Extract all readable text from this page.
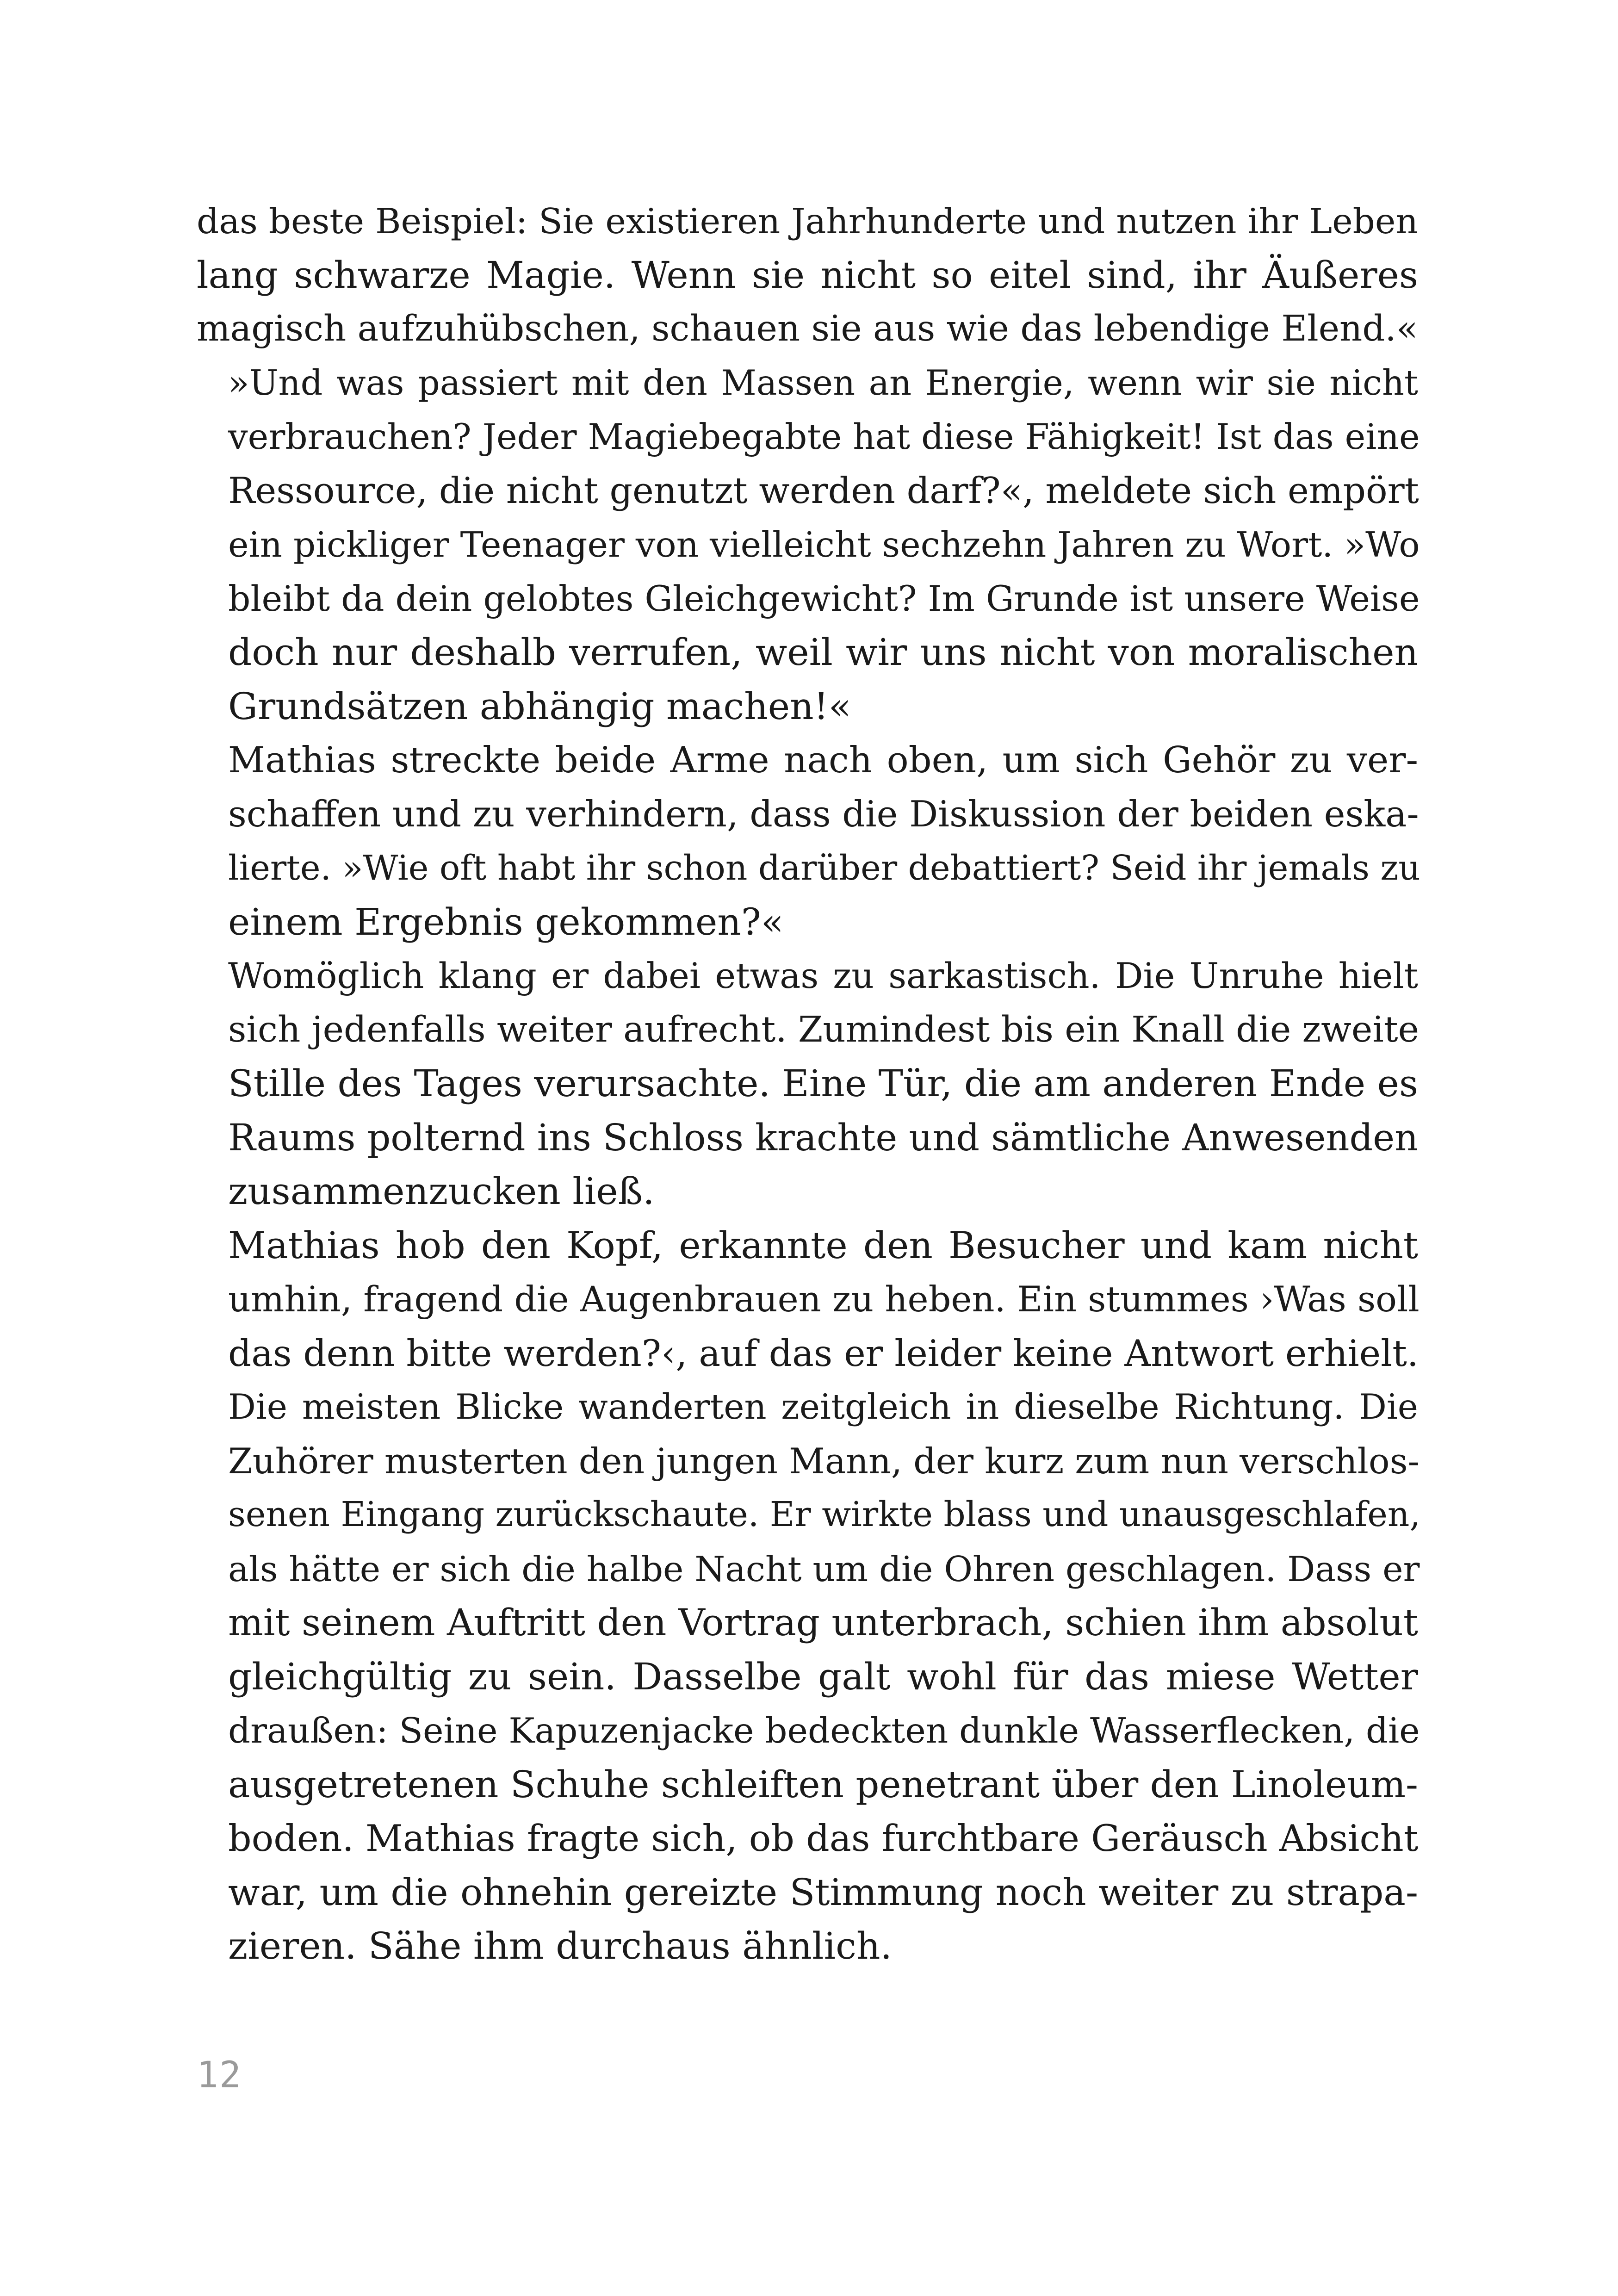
das beste Beispiel: Sie existieren Jahrhunderte und nutzen ihr Leben
lang schwarze Magie. Wenn sie nicht so eitel sind, ihr Äußeres
magisch aufzuhübschen, schauen sie aus wie das lebendige Elend.«

»Und was passiert mit den Massen an Energie, wenn wir sie nicht
verbrauchen? Jeder Magiebegabte hat diese Fähigkeit! Ist das eine
Ressource, die nicht genutzt werden darf?«, meldete sich empört
ein pickliger Teenager von vielleicht sechzehn Jahren zu Wort. »Wo
bleibt da dein gelobtes Gleichgewicht? Im Grunde ist unsere Weise
doch nur deshalb verrufen, weil wir uns nicht von moralischen
Grundsätzen abhängig machen!«

Mathias streckte beide Arme nach oben, um sich Gehör zu ver-
schaffen und zu verhindern, dass die Diskussion der beiden eska-
lierte. »Wie oft habt ihr schon darüber debattiert? Seid ihr jemals zu
einem Ergebnis gekommen?«

Womöglich klang er dabei etwas zu sarkastisch. Die Unruhe hielt
sich jedenfalls weiter aufrecht. Zumindest bis ein Knall die zweite
Stille des Tages verursachte. Eine Tür, die am anderen Ende es
Raums polternd ins Schloss krachte und sämtliche Anwesenden
zusammenzucken ließ.

Mathias hob den Kopf, erkannte den Besucher und kam nicht
umhin, fragend die Augenbrauen zu heben. Ein stummes ›Was soll
das denn bitte werden?‹, auf das er leider keine Antwort erhielt.

Die meisten Blicke wanderten zeitgleich in dieselbe Richtung. Die
Zuhörer musterten den jungen Mann, der kurz zum nun verschlos-
senen Eingang zurückschaute. Er wirkte blass und unausgeschlafen,
als hätte er sich die halbe Nacht um die Ohren geschlagen. Dass er
mit seinem Auftritt den Vortrag unterbrach, schien ihm absolut
gleichgültig zu sein. Dasselbe galt wohl für das miese Wetter
draußen: Seine Kapuzenjacke bedeckten dunkle Wasserflecken, die
ausgetretenen Schuhe schleiften penetrant über den Linoleum-
boden. Mathias fragte sich, ob das furchtbare Geräusch Absicht
war, um die ohnehin gereizte Stimmung noch weiter zu strapa-
zieren. Sähe ihm durchaus ähnlich.

12
